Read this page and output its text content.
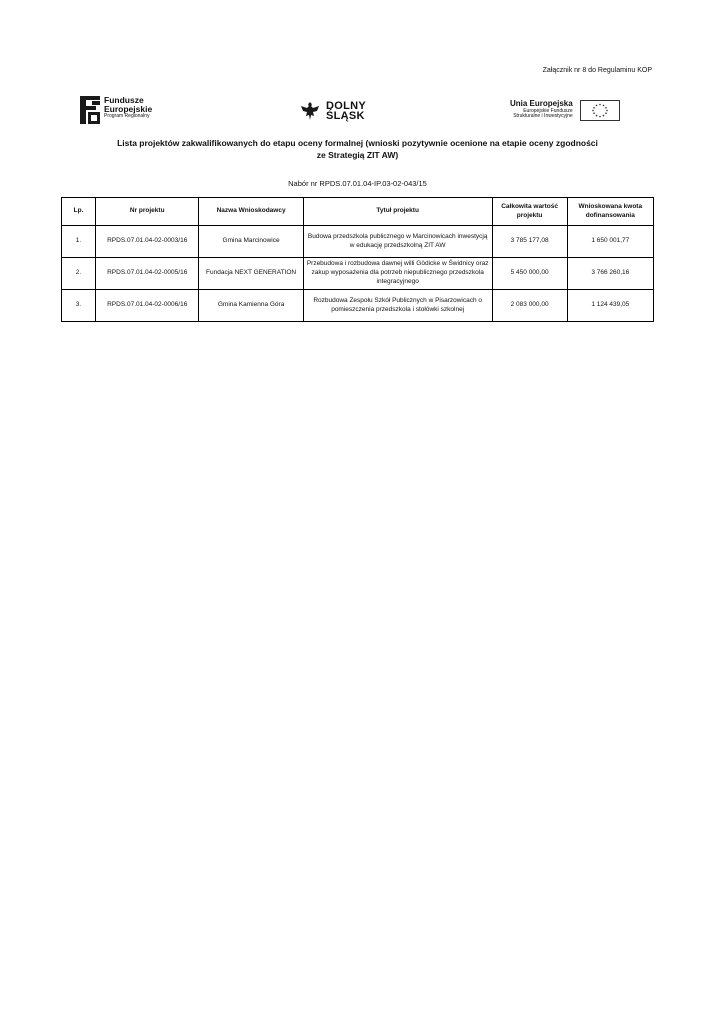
Załącznik nr 8 do Regulaminu KOP
Fundusze
Europejskie
Program Regionalny
DOLNY
ŚLĄSK
Unia Europejska
Europejskie Fundusze
Strukturalne i Inwestycyjne
Lista projektów zakwalifikowanych do etapu oceny formalnej (wnioski pozytywnie ocenione na etapie oceny zgodności
ze Strategią ZIT AW)
Nabór nr RPDS.07.01.04-IP.03-02-043/15
Lp.	Nr projektu	Nazwa Wnioskodawcy	Tytuł projektu	Całkowita wartość projektu	Wnioskowana kwota dofinansowania
1.	RPDS.07.01.04-02-0003/16	Gmina Marcinowice	Budowa przedszkola publicznego w Marcinowicach inwestycją w edukację przedszkolną ZIT AW	3 785 177,08	1 650 001,77
2.	RPDS.07.01.04-02-0005/16	Fundacja NEXT GENERATION	Przebudowa i rozbudowa dawnej willi Gödicke w Świdnicy oraz zakup wyposażenia dla potrzeb niepublicznego przedszkola integracyjnego	5 450 000,00	3 766 260,16
3.	RPDS.07.01.04-02-0006/16	Gmina Kamienna Góra	Rozbudowa Zespołu Szkół Publicznych w Pisarzowicach o pomieszczenia przedszkola i stołówki szkolnej	2 083 000,00	1 124 439,05
